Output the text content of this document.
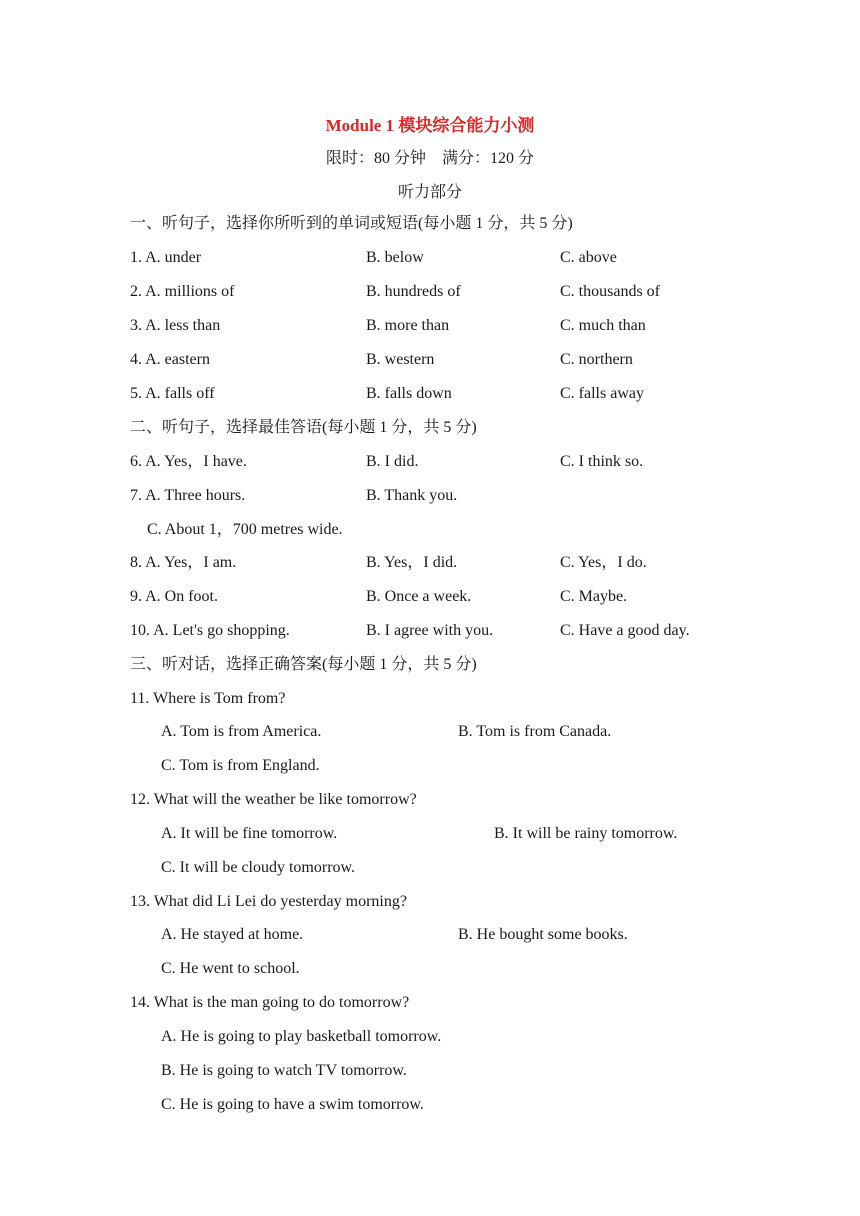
Module 1 模块综合能力小测
限时：80 分钟　满分：120 分
听力部分
一、听句子，选择你所听到的单词或短语(每小题 1 分，共 5 分)
1. A. under	B. below	C. above
2. A. millions of	B. hundreds of	C. thousands of
3. A. less than	B. more than	C. much than
4. A. eastern	B. western	C. northern
5. A. falls off	B. falls down	C. falls away
二、听句子，选择最佳答语(每小题 1 分，共 5 分)
6. A. Yes，I have.	B. I did.	C. I think so.
7. A. Three hours.	B. Thank you.
C. About 1，700 metres wide.
8. A. Yes，I am.	B. Yes，I did.	C. Yes，I do.
9. A. On foot.	B. Once a week.	C. Maybe.
10. A. Let's go shopping.	B. I agree with you.	C. Have a good day.
三、听对话，选择正确答案(每小题 1 分，共 5 分)
11. Where is Tom from?
A. Tom is from America.	B. Tom is from Canada.
C. Tom is from England.
12. What will the weather be like tomorrow?
A. It will be fine tomorrow.	B. It will be rainy tomorrow.
C. It will be cloudy tomorrow.
13. What did Li Lei do yesterday morning?
A. He stayed at home.	B. He bought some books.
C. He went to school.
14. What is the man going to do tomorrow?
A. He is going to play basketball tomorrow.
B. He is going to watch TV tomorrow.
C. He is going to have a swim tomorrow.
